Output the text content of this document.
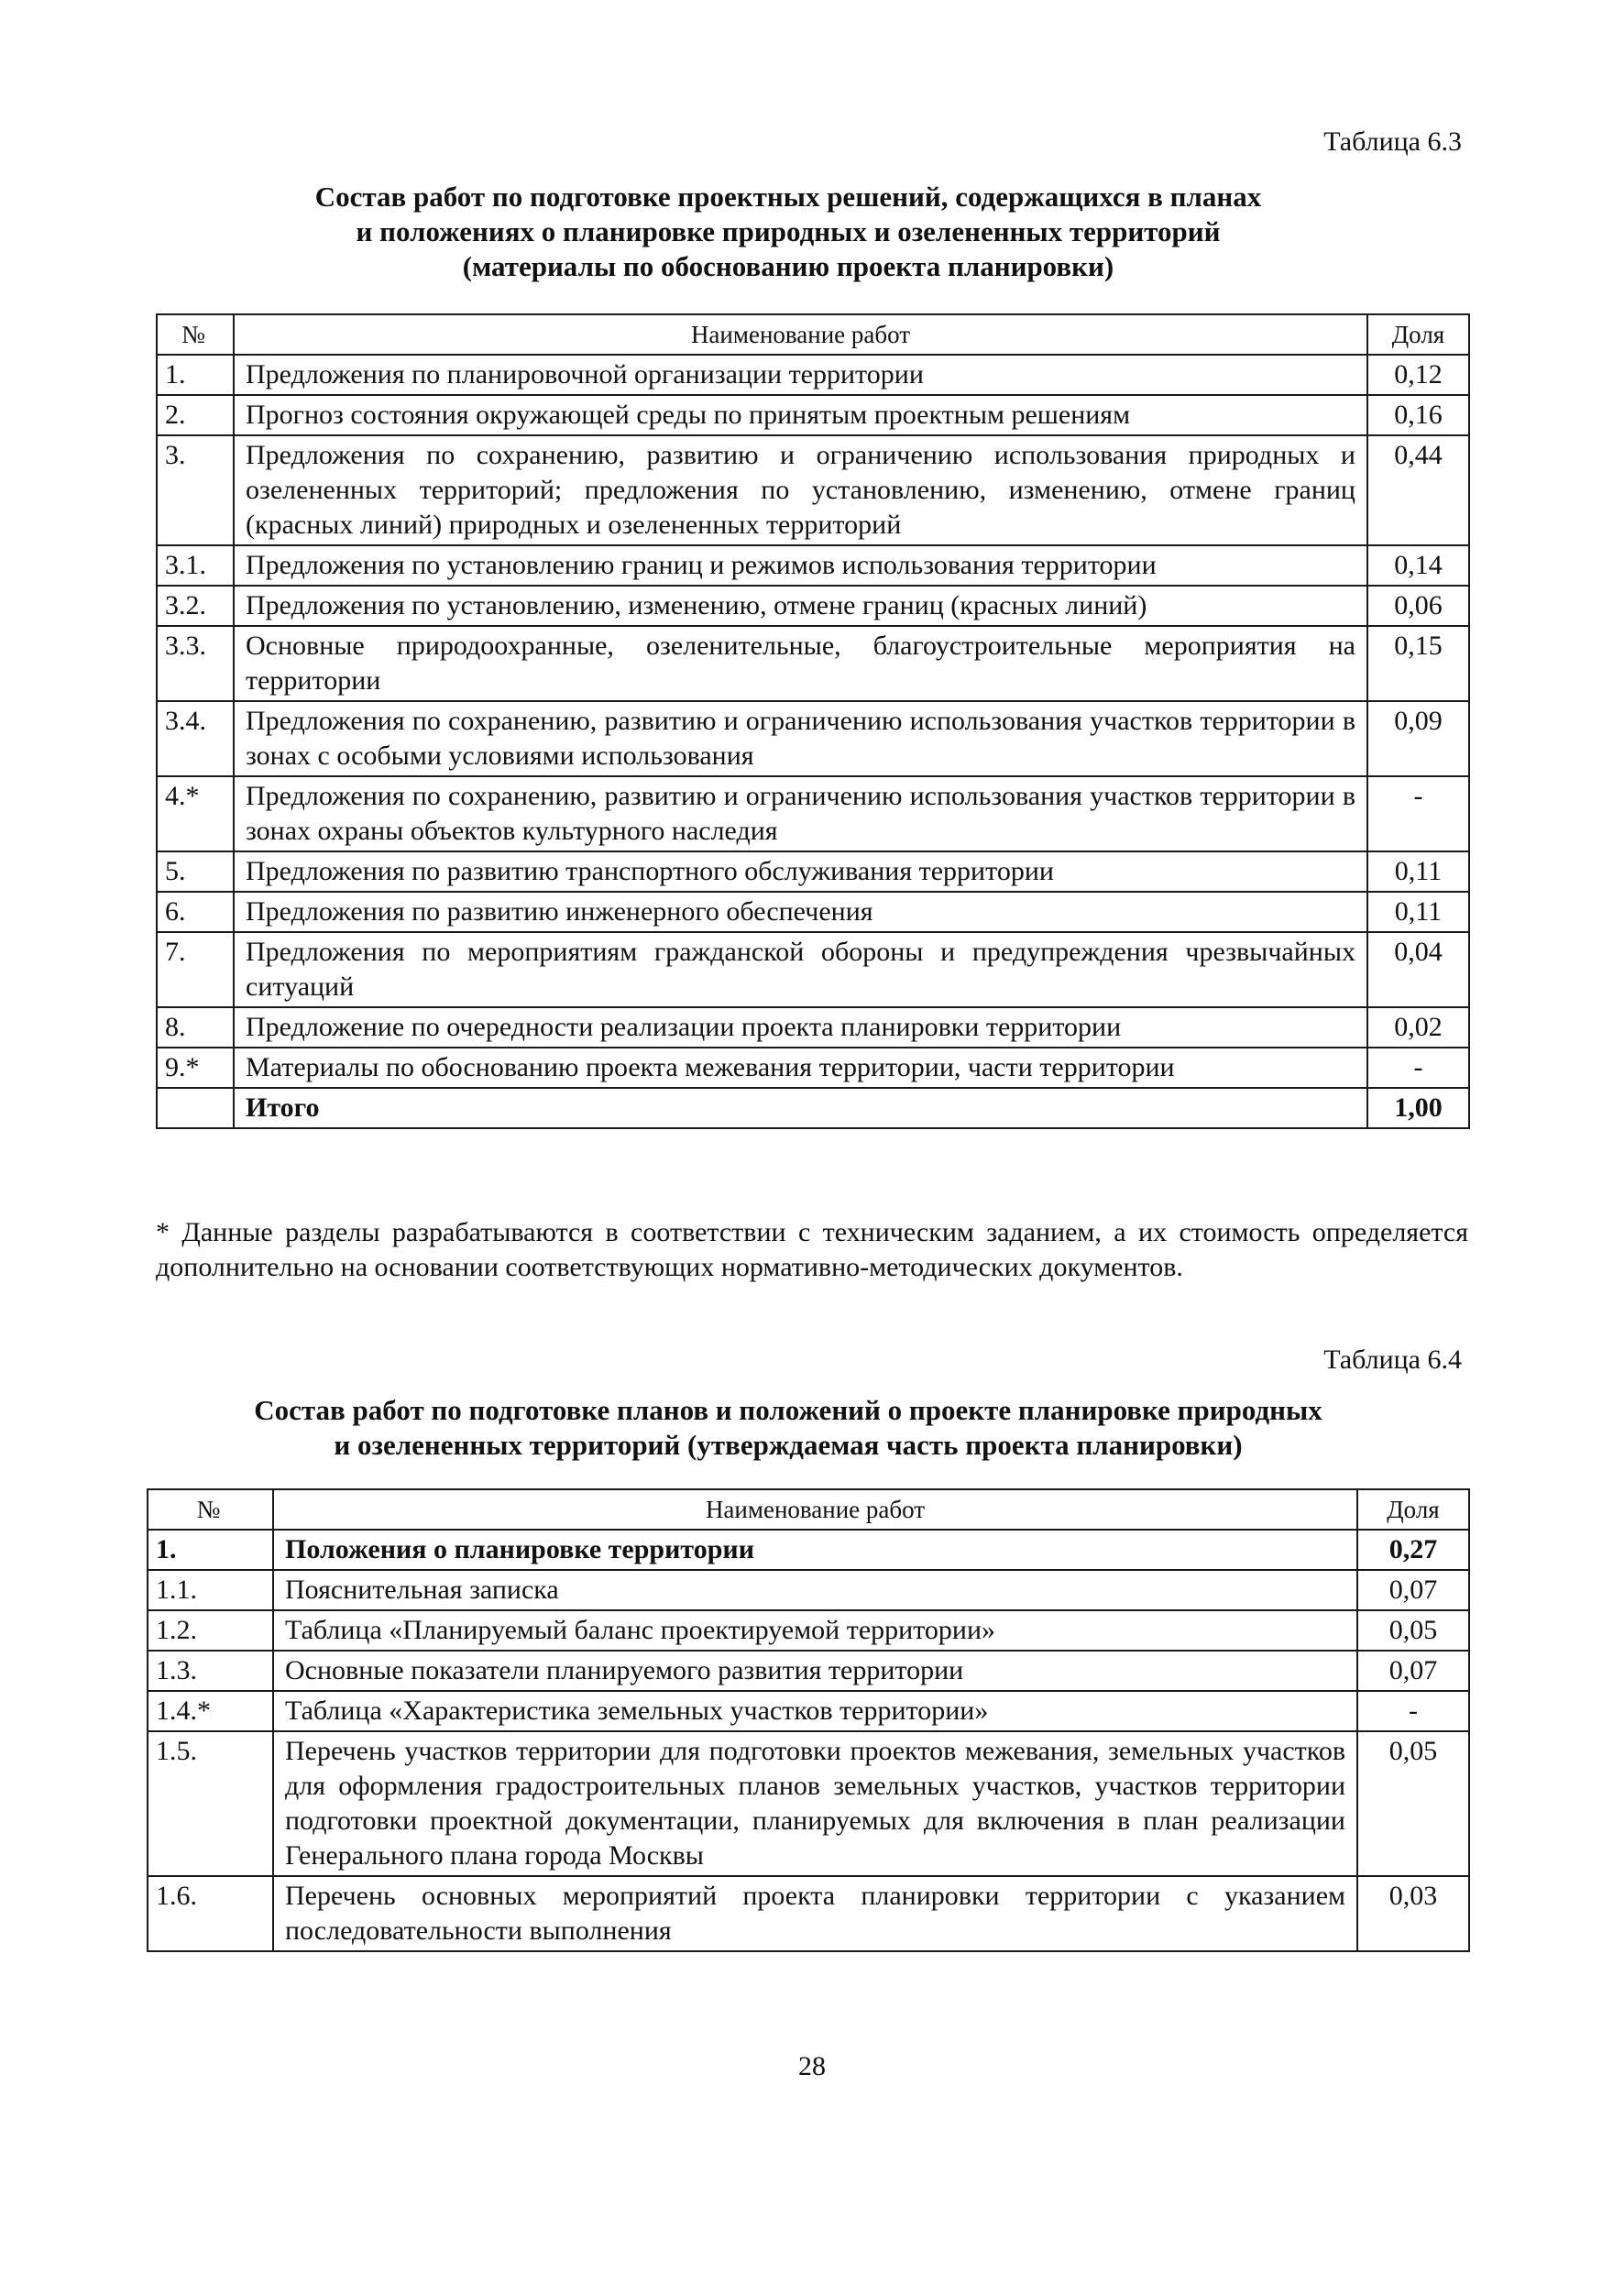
Таблица 6.3
Состав работ по подготовке проектных решений, содержащихся в планах
и положениях о планировке природных и озелененных территорий
(материалы по обоснованию проекта планировки)
№	Наименование работ	Доля
1.	Предложения по планировочной организации территории	0,12
2.	Прогноз состояния окружающей среды по принятым проектным решениям	0,16
3.	Предложения по сохранению, развитию и ограничению использования природных и озелененных территорий; предложения по установлению, изменению, отмене границ (красных линий) природных и озелененных территорий	0,44
3.1.	Предложения по установлению границ и режимов использования территории	0,14
3.2.	Предложения по установлению, изменению, отмене границ (красных линий)	0,06
3.3.	Основные природоохранные, озеленительные, благоустроительные мероприятия на территории	0,15
3.4.	Предложения по сохранению, развитию и ограничению использования участков территории в зонах с особыми условиями использования	0,09
4.*	Предложения по сохранению, развитию и ограничению использования участков территории в зонах охраны объектов культурного наследия	-
5.	Предложения по развитию транспортного обслуживания территории	0,11
6.	Предложения по развитию инженерного обеспечения	0,11
7.	Предложения по мероприятиям гражданской обороны и предупреждения чрезвычайных ситуаций	0,04
8.	Предложение по очередности реализации проекта планировки территории	0,02
9.*	Материалы по обоснованию проекта межевания территории, части территории	-
	Итого	1,00
* Данные разделы разрабатываются в соответствии с техническим заданием, а их стоимость определяется дополнительно на основании соответствующих нормативно-методических документов.
Таблица 6.4
Состав работ по подготовке планов и положений о проекте планировке природных
и озелененных территорий (утверждаемая часть проекта планировки)
№	Наименование работ	Доля
1.	Положения о планировке территории	0,27
1.1.	Пояснительная записка	0,07
1.2.	Таблица «Планируемый баланс проектируемой территории»	0,05
1.3.	Основные показатели планируемого развития территории	0,07
1.4.*	Таблица «Характеристика земельных участков территории»	-
1.5.	Перечень участков территории для подготовки проектов межевания, земельных участков для оформления градостроительных планов земельных участков, участков территории подготовки проектной документации, планируемых для включения в план реализации Генерального плана города Москвы	0,05
1.6.	Перечень основных мероприятий проекта планировки территории с указанием последовательности выполнения	0,03
28
